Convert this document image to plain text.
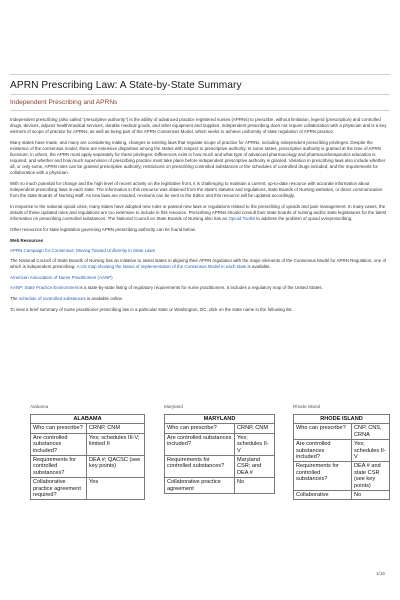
APRN Prescribing Law: A State-by-State Summary
Independent Prescribing and APRNs

Independent prescribing (also called "prescriptive authority") is the ability of advanced practice registered nurses (APRNs) to prescribe, without limitation, legend (prescription) and controlled drugs, devices, adjunct health/medical services, durable medical goods, and other equipment and supplies. Independent prescribing does not require collaboration with a physician and is a key element of scope of practice for APRNs, as well as being part of the APRN Consensus Model, which seeks to achieve uniformity of state regulation of APRN practice.

Many states have made, and many are considering making, changes to existing laws that regulate scope of practice for APRNs, including independent prescribing privileges. Despite the existence of the consensus model, there are extensive disparities among the states with respect to prescriptive authority. In some states, prescriptive authority is granted at the time of APRN licensure; in others, the APRN must apply separately for these privileges. Differences exist in how much and what type of advanced pharmacology and pharmacotherapeutics education is required, and whether and how much supervision of prescribing practice must take place before independent prescriptive authority is granted. Variation in prescribing laws also include whether all, or only some, APRN roles can be granted prescriptive authority; restrictions on prescribing controlled substances or the schedules of controlled drugs included; and the requirements for collaboration with a physician.

With so much potential for change and the high level of recent activity on the legislative front, it is challenging to maintain a current, up-to-date resource with accurate information about independent prescribing laws in each state. The information in this resource was obtained from the state's statutes and regulations, state Boards of Nursing websites, or direct communication from the state Boards of Nursing staff. As new laws are enacted, revisions can be sent to the Editor and this resource will be updated accordingly.

In response to the national opioid crisis, many states have adopted new rules or passed new laws or regulations related to the prescribing of opioids and pain management. In many cases, the details of these updated rules and regulations are too extensive to include in this resource. Prescribing APRNs should consult their state boards of nursing and/or state legislatures for the latest information on prescribing controlled substances. The National Council on State Boards of Nursing also has an Opioid Toolkit to address the problem of opioid overprescribing.

Other resources for state legislation governing APRN prescribing authority can be found below.

Web Resources

APRN Campaign for Consensus: Moving Toward Uniformity in State Laws

The National Council of State Boards of Nursing has an initiative to assist states in aligning their APRN regulation with the major elements of the Consensus Model for APRN Regulation, one of which is independent prescribing. A US map showing the status of implementation of the Consensus Model in each state is available.

American Association of Nurse Practitioners (AANP)

AANP: State Practice Environment is a state-by-state listing of regulatory requirements for nurse practitioners. It includes a regulatory map of the United States.

The schedule of controlled substances is available online.

To view a brief summary of nurse practitioner prescribing law in a particular state or Washington, DC, click on the state name in the following list.

Alabama
ALABAMA	
Who can prescribe?	CRNP, CNM
Are controlled substances included?	Yes; schedules III-V; limited II
Requirements for controlled substances?	DEA #; QACSC (see key points)
Collaborative practice agreement required?	Yes
Maryland
MARYLAND	
Who can prescribe?	CRNP, CNM
Are controlled substances included?	Yes; schedules II-V
Requirements for controlled substances?	Maryland CSR; and DEA #
Collaborative practice agreement	No
Rhode Island
RHODE ISLAND	
Who can prescribe?	CNP, CNS, CRNA
Are controlled substances included?	Yes; schedules II-V
Requirements for controlled substances?	DEA # and state CSR (see key points)
Collaborative	No
1/16
